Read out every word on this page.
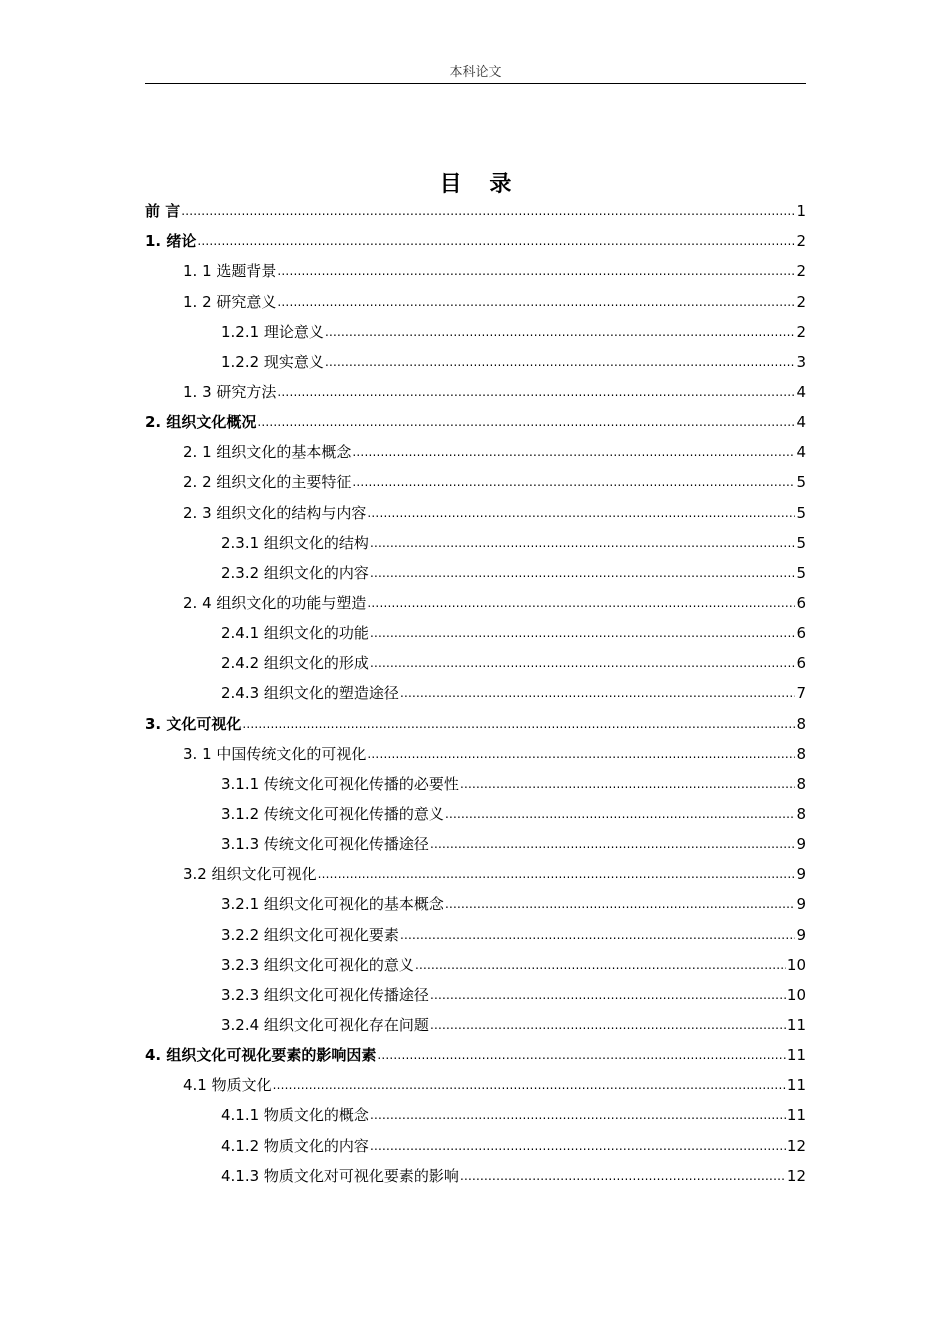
本科论文
目 录
前 言 .....	1
1. 绪论 .....	2
1. 1 选题背景 .....	2
1. 2 研究意义 .....	2
1.2.1 理论意义 .....	2
1.2.2 现实意义 .....	3
1. 3 研究方法 .....	4
2. 组织文化概况 .....	4
2. 1 组织文化的基本概念 .....	4
2. 2 组织文化的主要特征 .....	5
2. 3 组织文化的结构与内容 .....	5
2.3.1 组织文化的结构 .....	5
2.3.2 组织文化的内容 .....	5
2. 4 组织文化的功能与塑造 .....	6
2.4.1 组织文化的功能 .....	6
2.4.2 组织文化的形成 .....	6
2.4.3 组织文化的塑造途径 .....	7
3. 文化可视化 .....	8
3. 1 中国传统文化的可视化 .....	8
3.1.1 传统文化可视化传播的必要性 .....	8
3.1.2 传统文化可视化传播的意义 .....	8
3.1.3 传统文化可视化传播途径 .....	9
3.2 组织文化可视化 .....	9
3.2.1 组织文化可视化的基本概念 .....	9
3.2.2 组织文化可视化要素 .....	9
3.2.3 组织文化可视化的意义 .....	10
3.2.3 组织文化可视化传播途径 .....	10
3.2.4 组织文化可视化存在问题 .....	11
4. 组织文化可视化要素的影响因素 .....	11
4.1 物质文化 .....	11
4.1.1 物质文化的概念 .....	11
4.1.2 物质文化的内容 .....	12
4.1.3 物质文化对可视化要素的影响 .....	12
